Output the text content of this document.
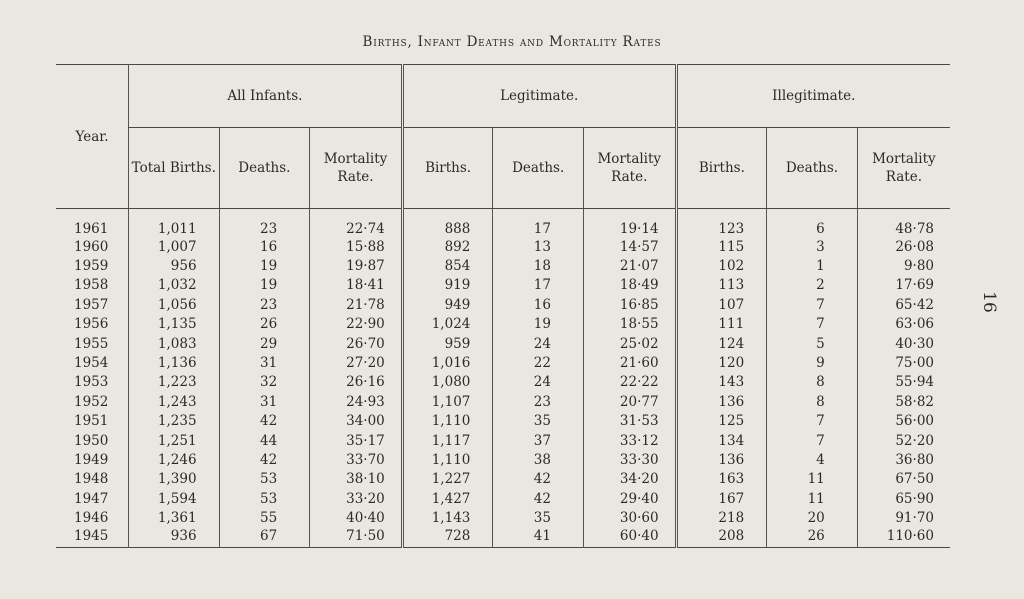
Births, Infant Deaths and Mortality Rates
16
Year.	All Infants.			Legitimate.			Illegitimate.		
	Total Births.	Deaths.	Mortality Rate.	Births.	Deaths.	Mortality Rate.	Births.	Deaths.	Mortality Rate.
1961	1,011	23	22·74	888	17	19·14	123	6	48·78
1960	1,007	16	15·88	892	13	14·57	115	3	26·08
1959	956	19	19·87	854	18	21·07	102	1	9·80
1958	1,032	19	18·41	919	17	18·49	113	2	17·69
1957	1,056	23	21·78	949	16	16·85	107	7	65·42
1956	1,135	26	22·90	1,024	19	18·55	111	7	63·06
1955	1,083	29	26·70	959	24	25·02	124	5	40·30
1954	1,136	31	27·20	1,016	22	21·60	120	9	75·00
1953	1,223	32	26·16	1,080	24	22·22	143	8	55·94
1952	1,243	31	24·93	1,107	23	20·77	136	8	58·82
1951	1,235	42	34·00	1,110	35	31·53	125	7	56·00
1950	1,251	44	35·17	1,117	37	33·12	134	7	52·20
1949	1,246	42	33·70	1,110	38	33·30	136	4	36·80
1948	1,390	53	38·10	1,227	42	34·20	163	11	67·50
1947	1,594	53	33·20	1,427	42	29·40	167	11	65·90
1946	1,361	55	40·40	1,143	35	30·60	218	20	91·70
1945	936	67	71·50	728	41	60·40	208	26	110·60
